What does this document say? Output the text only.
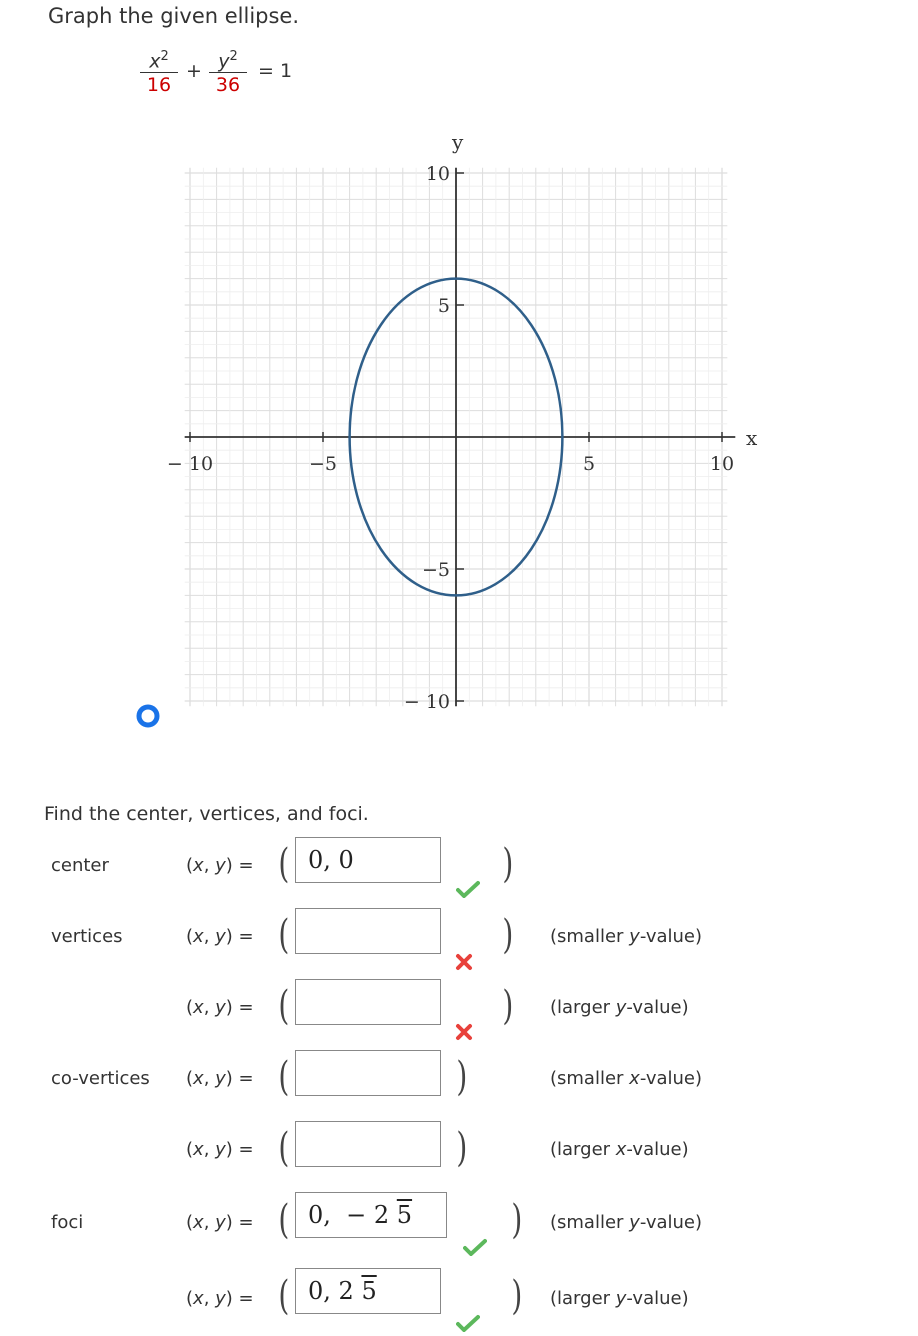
Graph the given ellipse.
$x^2$
16
+ $y^2$
36
= 1
− 10	−5	5	10
10
5
−5
− 10
x
y
Find the center, vertices, and foci.
center	(x, y) = ( 0, 0	)
vertices	(x, y) = (	) (smaller y-value)
(x, y) = (	) (larger y-value)
co-vertices (x, y) = (	)	(smaller x-value)
(x, y) = (	)	(larger x-value)
foci	(x, y) = ( 0,  − 2 5	) (smaller y-value)
(x, y) = ( 0, 2 5	) (larger y-value)
